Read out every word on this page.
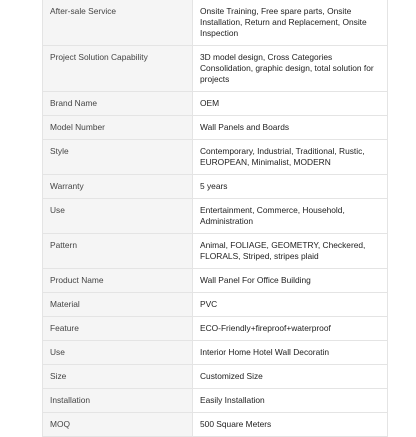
After-sale Service	Onsite Training, Free spare parts, Onsite Installation, Return and Replacement, Onsite Inspection
Project Solution Capability	3D model design, Cross Categories Consolidation, graphic design, total solution for projects
Brand Name	OEM
Model Number	Wall Panels and Boards
Style	Contemporary, Industrial, Traditional, Rustic, EUROPEAN, Minimalist, MODERN
Warranty	5 years
Use	Entertainment, Commerce, Household, Administration
Pattern	Animal, FOLIAGE, GEOMETRY, Checkered, FLORALS, Striped, stripes plaid
Product Name	Wall Panel For Office Building
Material	PVC
Feature	ECO-Friendly+fireproof+waterproof
Use	Interior Home Hotel Wall Decoratin
Size	Customized Size
Installation	Easily Installation
MOQ	500 Square Meters
